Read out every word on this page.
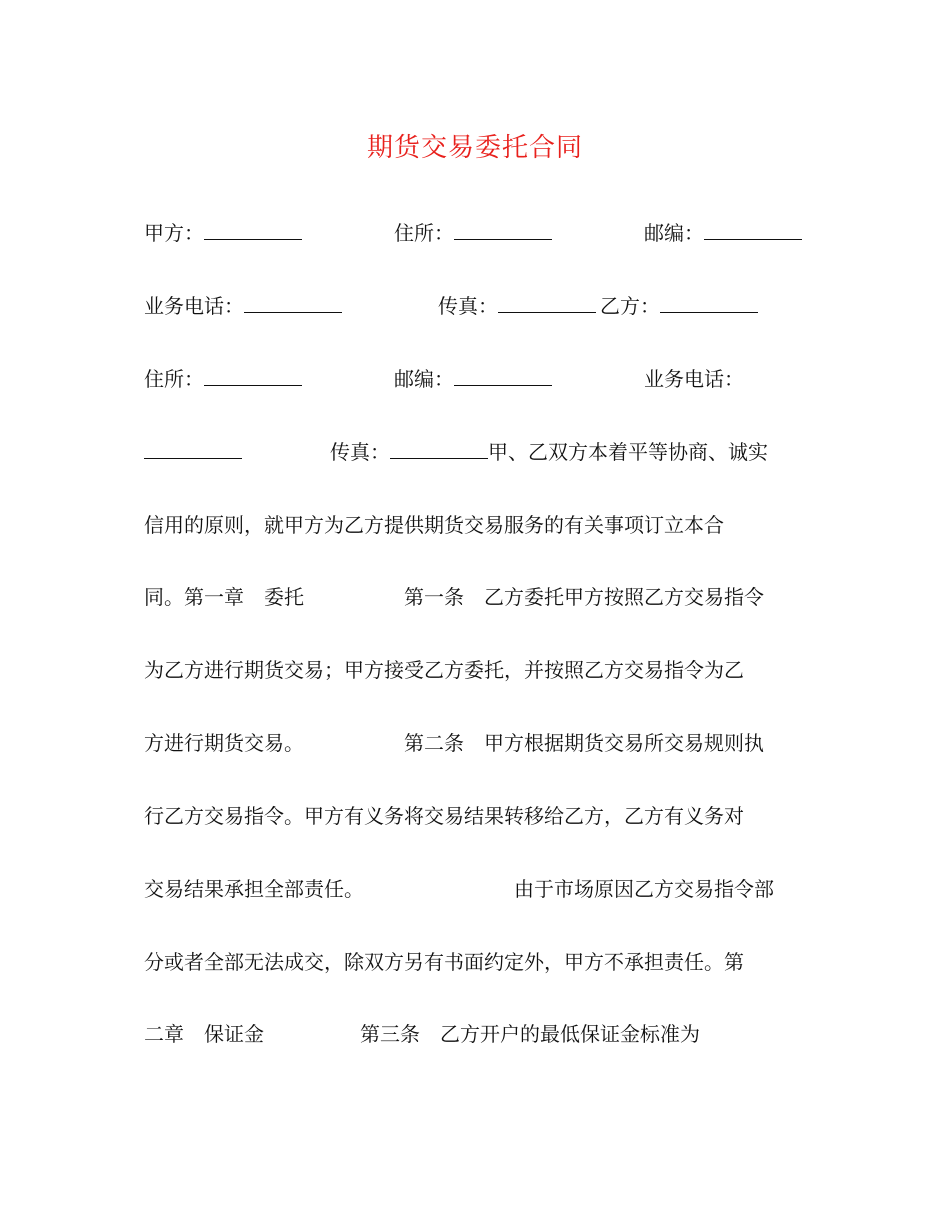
期货交易委托合同

甲方：

	住所：

	邮编：

业务电话：

	传真：

	乙方：

住所：

	邮编：

	业务电话：

传真：	甲、乙双方本着平等协商、诚实

信用的原则，就甲方为乙方提供期货交易服务的有关事项订立本合

同。第一章　委托

	第一条　乙方委托甲方按照乙方交易指令

为乙方进行期货交易；甲方接受乙方委托，并按照乙方交易指令为乙

方进行期货交易。

	第二条　甲方根据期货交易所交易规则执

行乙方交易指令。甲方有义务将交易结果转移给乙方，乙方有义务对

交易结果承担全部责任。

	由于市场原因乙方交易指令部

分或者全部无法成交，除双方另有书面约定外，甲方不承担责任。第

二章　保证金

	第三条　乙方开户的最低保证金标准为
